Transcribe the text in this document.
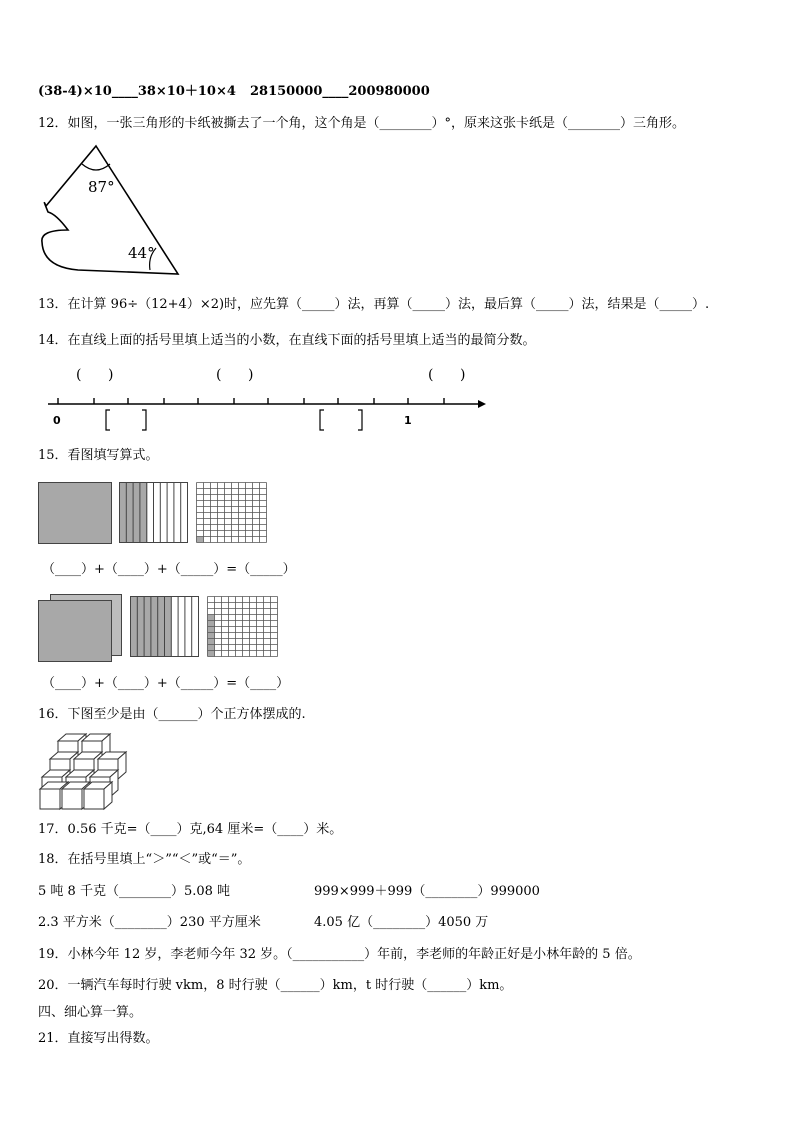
(38-4)×10____38×10＋10×4 28150000____200980000
12．如图，一张三角形的卡纸被撕去了一个角，这个角是（________）°，原来这张卡纸是（________）三角形。
87°
44°
13．在计算 96÷（12+4）×2)时，应先算（_____）法，再算（_____）法，最后算（_____）法，结果是（_____）.
14．在直线上面的括号里填上适当的小数，在直线下面的括号里填上适当的最简分数。
( )	( )	( )
0	1
15．看图填写算式。
（____）+（____）+（_____）=（_____）
（____）+（____）+（_____）=（____）
16．下图至少是由（______）个正方体摆成的.
17．0.56 千克=（____）克,64 厘米=（____）米。
18．在括号里填上“＞”“＜”或“＝”。
5 吨 8 千克（________）5.08 吨	999×999＋999（________）999000
2.3 平方米（________）230 平方厘米	4.05 亿（________）4050 万
19．小林今年 12 岁，李老师今年 32 岁。（___________）年前，李老师的年龄正好是小林年龄的 5 倍。
20．一辆汽车每时行驶 vkm，8 时行驶（______）km，t 时行驶（______）km。
四、细心算一算。
21．直接写出得数。
